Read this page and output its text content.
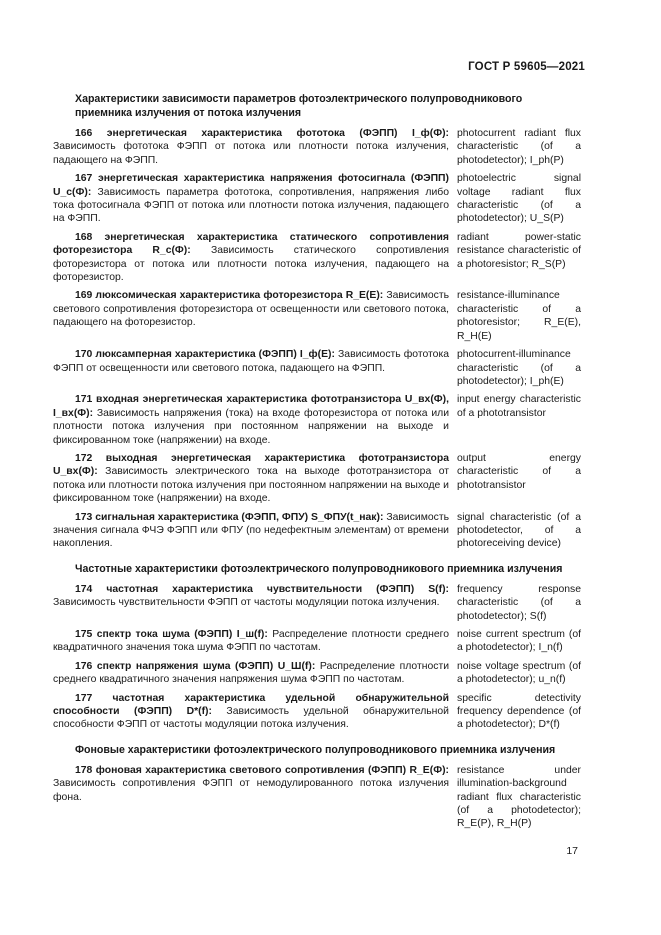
ГОСТ Р 59605—2021
Характеристики зависимости параметров фотоэлектрического полупроводникового приемника излучения от потока излучения
166 энергетическая характеристика фототока (ФЭПП) I_ф(Ф): Зависимость фототока ФЭПП от потока или плотности потока излучения, падающего на ФЭПП.
photocurrent radiant flux characteristic (of a photodetector); I_ph(P)
167 энергетическая характеристика напряжения фотосигнала (ФЭПП) U_c(Ф): Зависимость параметра фототока, сопротивления, напряжения либо тока фотосигнала ФЭПП от потока или плотности потока излучения, падающего на ФЭПП.
photoelectric signal voltage radiant flux characteristic (of a photodetector); U_S(P)
168 энергетическая характеристика статического сопротивления фоторезистора R_c(Ф): Зависимость статического сопротивления фоторезистора от потока или плотности потока излучения, падающего на фоторезистор.
radiant power-static resistance characteristic of a photoresistor; R_S(P)
169 люксомическая характеристика фоторезистора R_E(E): Зависимость светового сопротивления фоторезистора от освещенности или светового потока, падающего на фоторезистор.
resistance-illuminance characteristic of a photoresistor; R_E(E), R_H(E)
170 люксамперная характеристика (ФЭПП) I_ф(E): Зависимость фототока ФЭПП от освещенности или светового потока, падающего на ФЭПП.
photocurrent-illuminance characteristic (of a photodetector); I_ph(E)
171 входная энергетическая характеристика фототранзистора U_вх(Ф), I_вх(Ф): Зависимость напряжения (тока) на входе фоторезистора от потока или плотности потока излучения при постоянном напряжении на выходе и фиксированном токе (напряжении) на входе.
input energy characteristic of a phototransistor
172 выходная энергетическая характеристика фототранзистора U_вх(Ф): Зависимость электрического тока на выходе фототранзистора от потока или плотности потока излучения при постоянном напряжении на выходе и фиксированном токе (напряжении) на входе.
output energy characteristic of a phototransistor
173 сигнальная характеристика (ФЭПП, ФПУ) S_ФПУ(t_нак): Зависимость значения сигнала ФЧЭ ФЭПП или ФПУ (по недефектным элементам) от времени накопления.
signal characteristic (of a photodetector, of a photoreceiving device)
Частотные характеристики фотоэлектрического полупроводникового приемника излучения
174 частотная характеристика чувствительности (ФЭПП) S(f): Зависимость чувствительности ФЭПП от частоты модуляции потока излучения.
frequency response characteristic (of a photodetector); S(f)
175 спектр тока шума (ФЭПП) I_ш(f): Распределение плотности среднего квадратичного значения тока шума ФЭПП по частотам.
noise current spectrum (of a photodetector); I_n(f)
176 спектр напряжения шума (ФЭПП) U_Ш(f): Распределение плотности среднего квадратичного значения напряжения шума ФЭПП по частотам.
noise voltage spectrum (of a photodetector); u_n(f)
177 частотная характеристика удельной обнаружительной способности (ФЭПП) D*(f): Зависимость удельной обнаружительной способности ФЭПП от частоты модуляции потока излучения.
specific detectivity frequency dependence (of a photodetector); D*(f)
Фоновые характеристики фотоэлектрического полупроводникового приемника излучения
178 фоновая характеристика светового сопротивления (ФЭПП) R_E(Ф): Зависимость сопротивления ФЭПП от немодулированного потока излучения фона.
resistance under illumination-background radiant flux characteristic (of a photodetector); R_E(P), R_H(P)
17
